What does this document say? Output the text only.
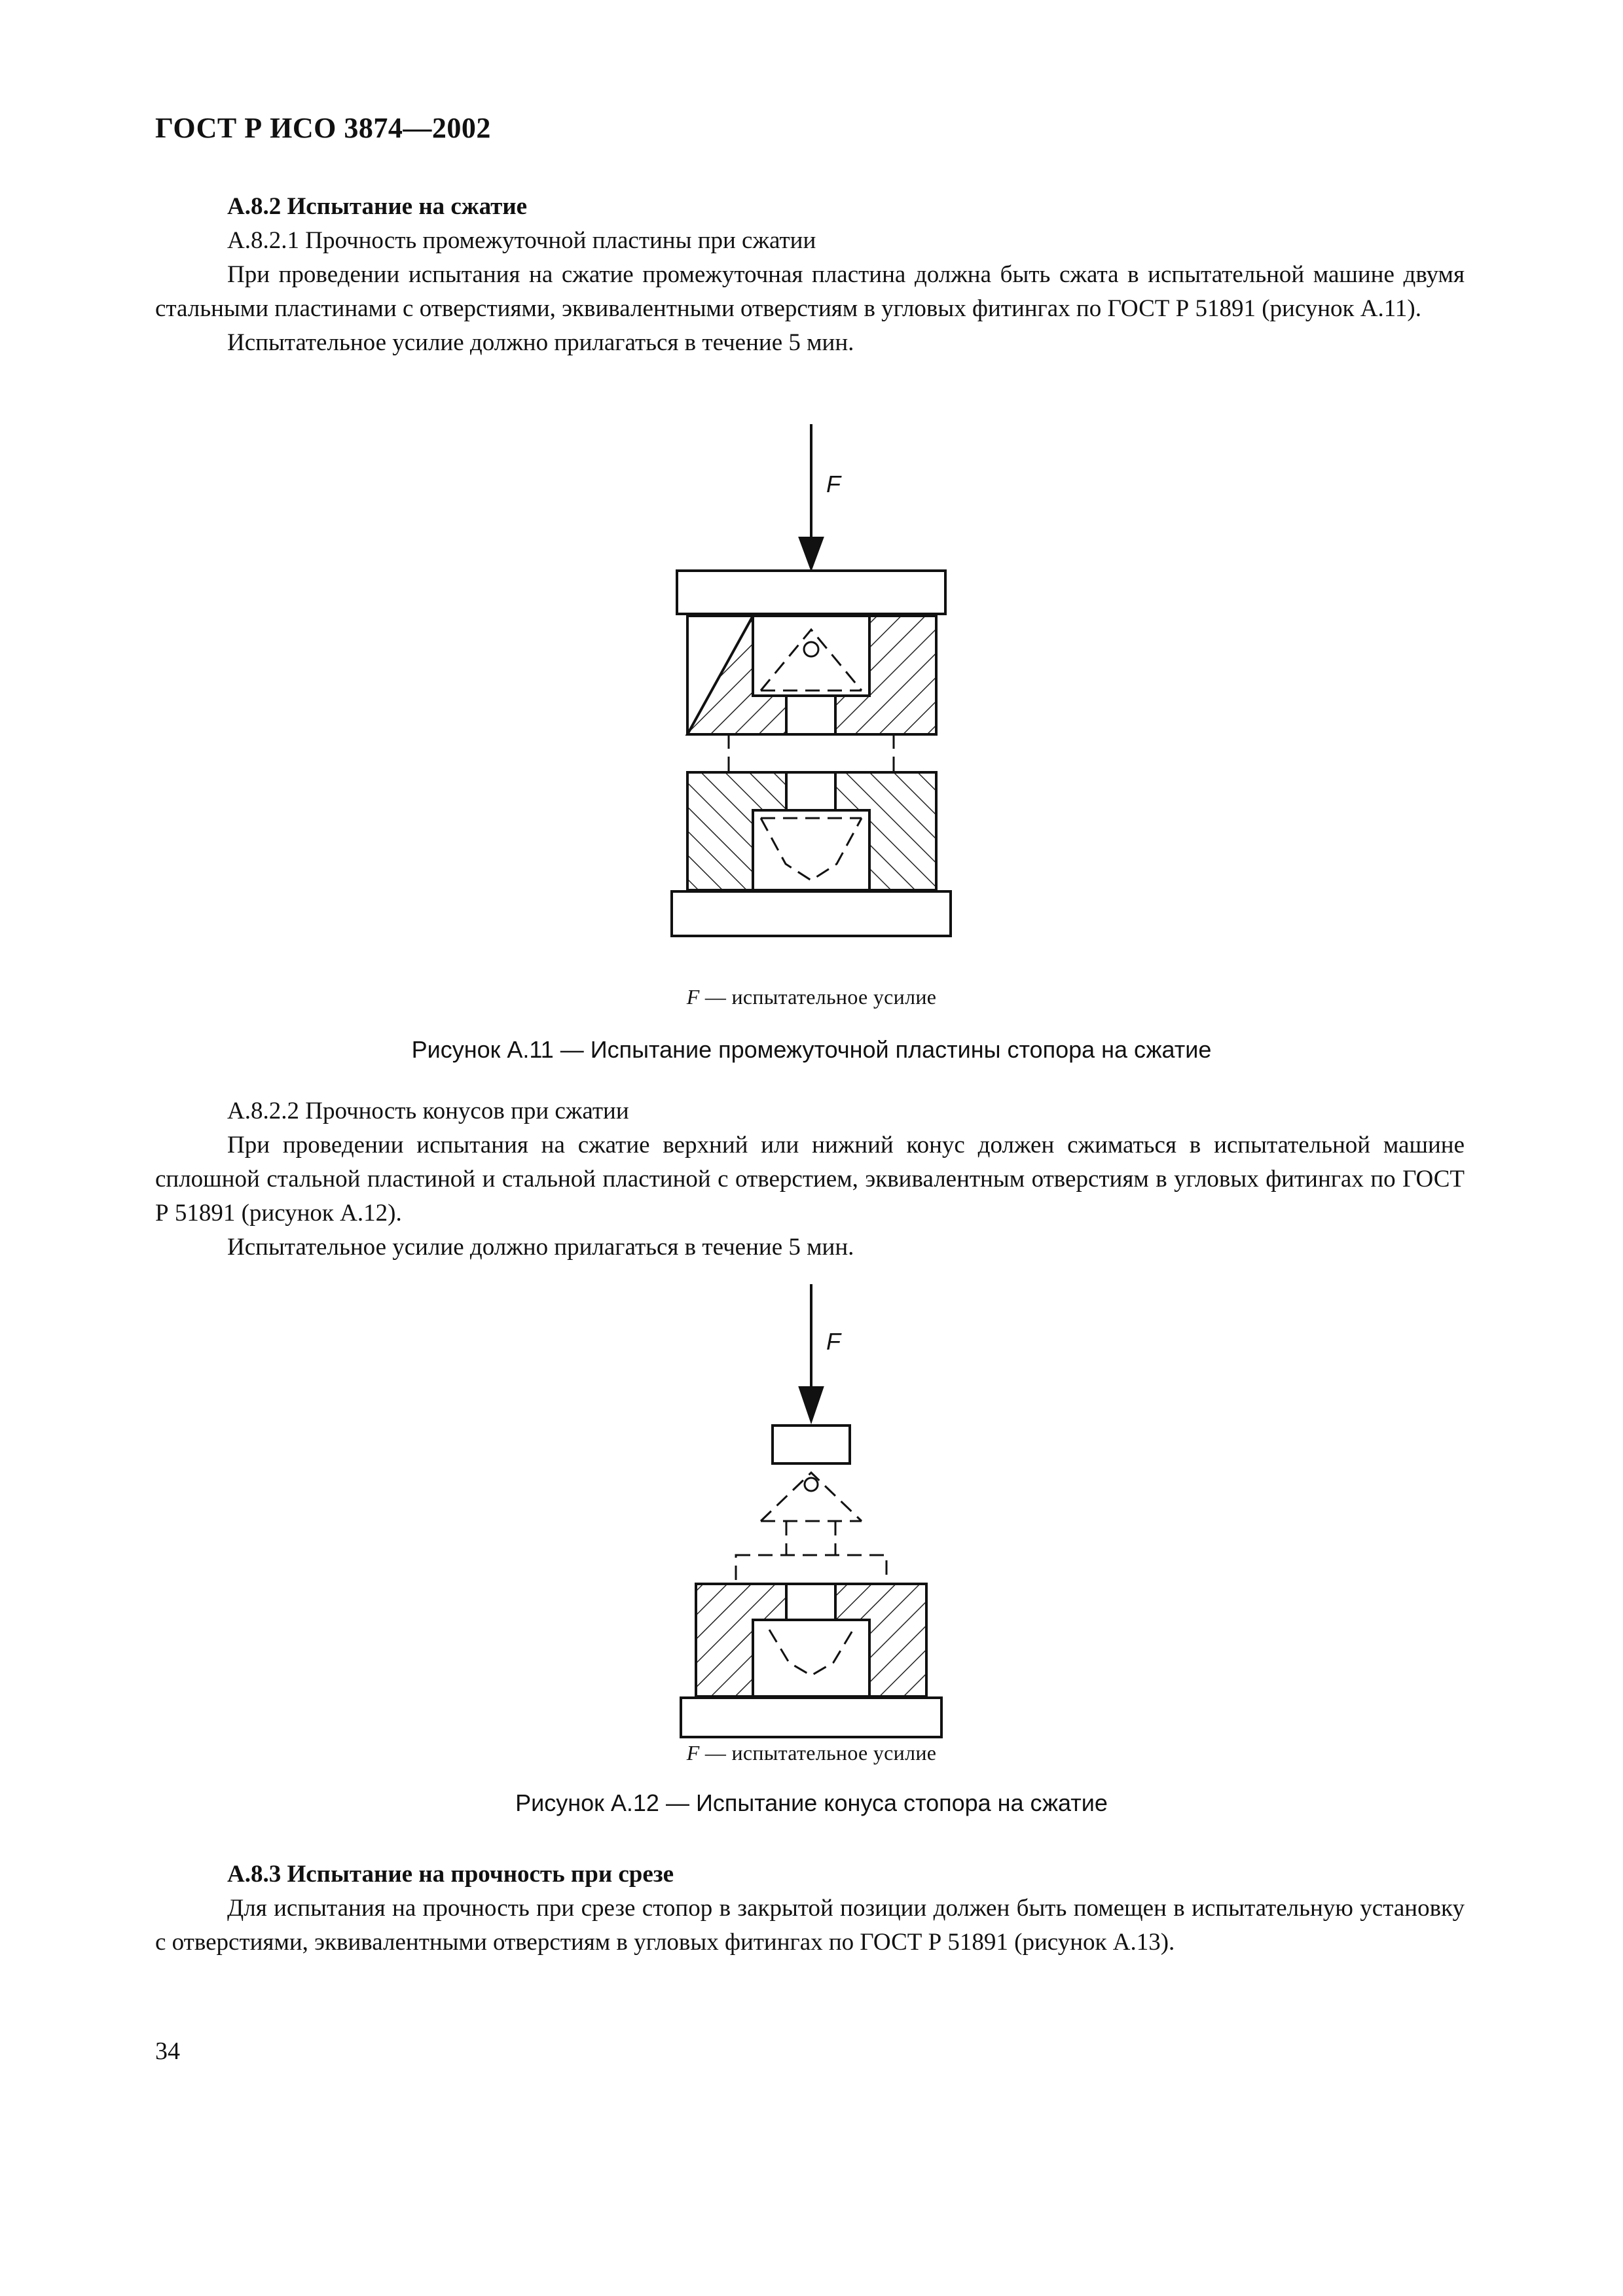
ГОСТ Р ИСО 3874—2002

А.8.2 Испытание на сжатие

А.8.2.1 Прочность промежуточной пластины при сжатии

При проведении испытания на сжатие промежуточная пластина должна быть сжата в испытательной машине двумя стальными пластинами с отверстиями, эквивалентными отверстиям в угловых фитингах по ГОСТ Р 51891 (рисунок А.11).

Испытательное усилие должно прилагаться в течение 5 мин.

F
F — испытательное усилие
Рисунок А.11 — Испытание промежуточной пластины стопора на сжатие

А.8.2.2 Прочность конусов при сжатии

При проведении испытания на сжатие верхний или нижний конус должен сжиматься в испытательной машине сплошной стальной пластиной и стальной пластиной с отверстием, эквивалентным отверстиям в угловых фитингах по ГОСТ Р 51891 (рисунок А.12).

Испытательное усилие должно прилагаться в течение 5 мин.

F
F — испытательное усилие
Рисунок А.12 — Испытание конуса стопора на сжатие

А.8.3 Испытание на прочность при срезе

Для испытания на прочность при срезе стопор в закрытой позиции должен быть помещен в испытательную установку с отверстиями, эквивалентными отверстиям в угловых фитингах по ГОСТ Р 51891 (рисунок А.13).

34
